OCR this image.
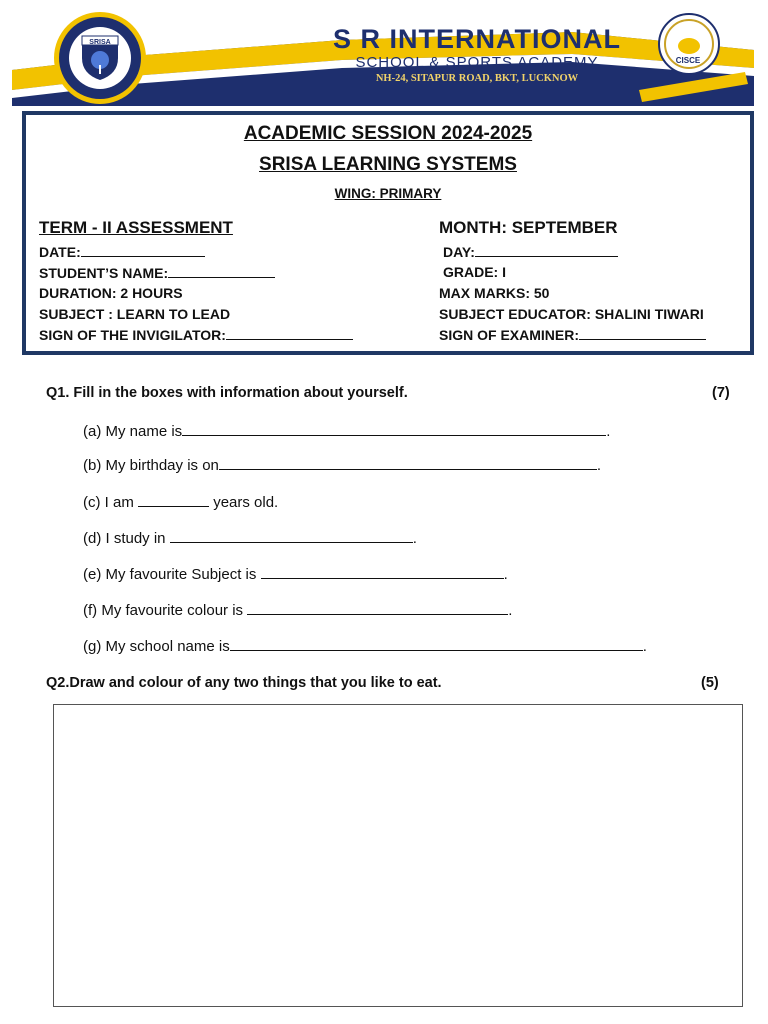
SRISA	S R INTERNATIONAL
SCHOOL & SPORTS ACADEMY
NH-24, SITAPUR ROAD, BKT, LUCKNOW
CISCE
ACADEMIC SESSION 2024-2025
SRISA LEARNING SYSTEMS
WING: PRIMARY
TERM - II ASSESSMENT	MONTH: SEPTEMBER
DATE:	DAY:
STUDENT’S NAME:	GRADE: I
DURATION: 2 HOURS	MAX MARKS: 50
SUBJECT : LEARN TO LEAD	SUBJECT EDUCATOR: SHALINI TIWARI
SIGN OF THE INVIGILATOR:	SIGN OF EXAMINER:
Q1. Fill in the boxes with information about yourself.	(7)
(a) My name is	.
(b) My birthday is on	.
(c) I am	years old.
(d) I study in	.
(e) My favourite Subject is	.
(f) My favourite colour is	.
(g) My school name is	.
Q2.Draw and colour of any two things that you like to eat.	(5)
